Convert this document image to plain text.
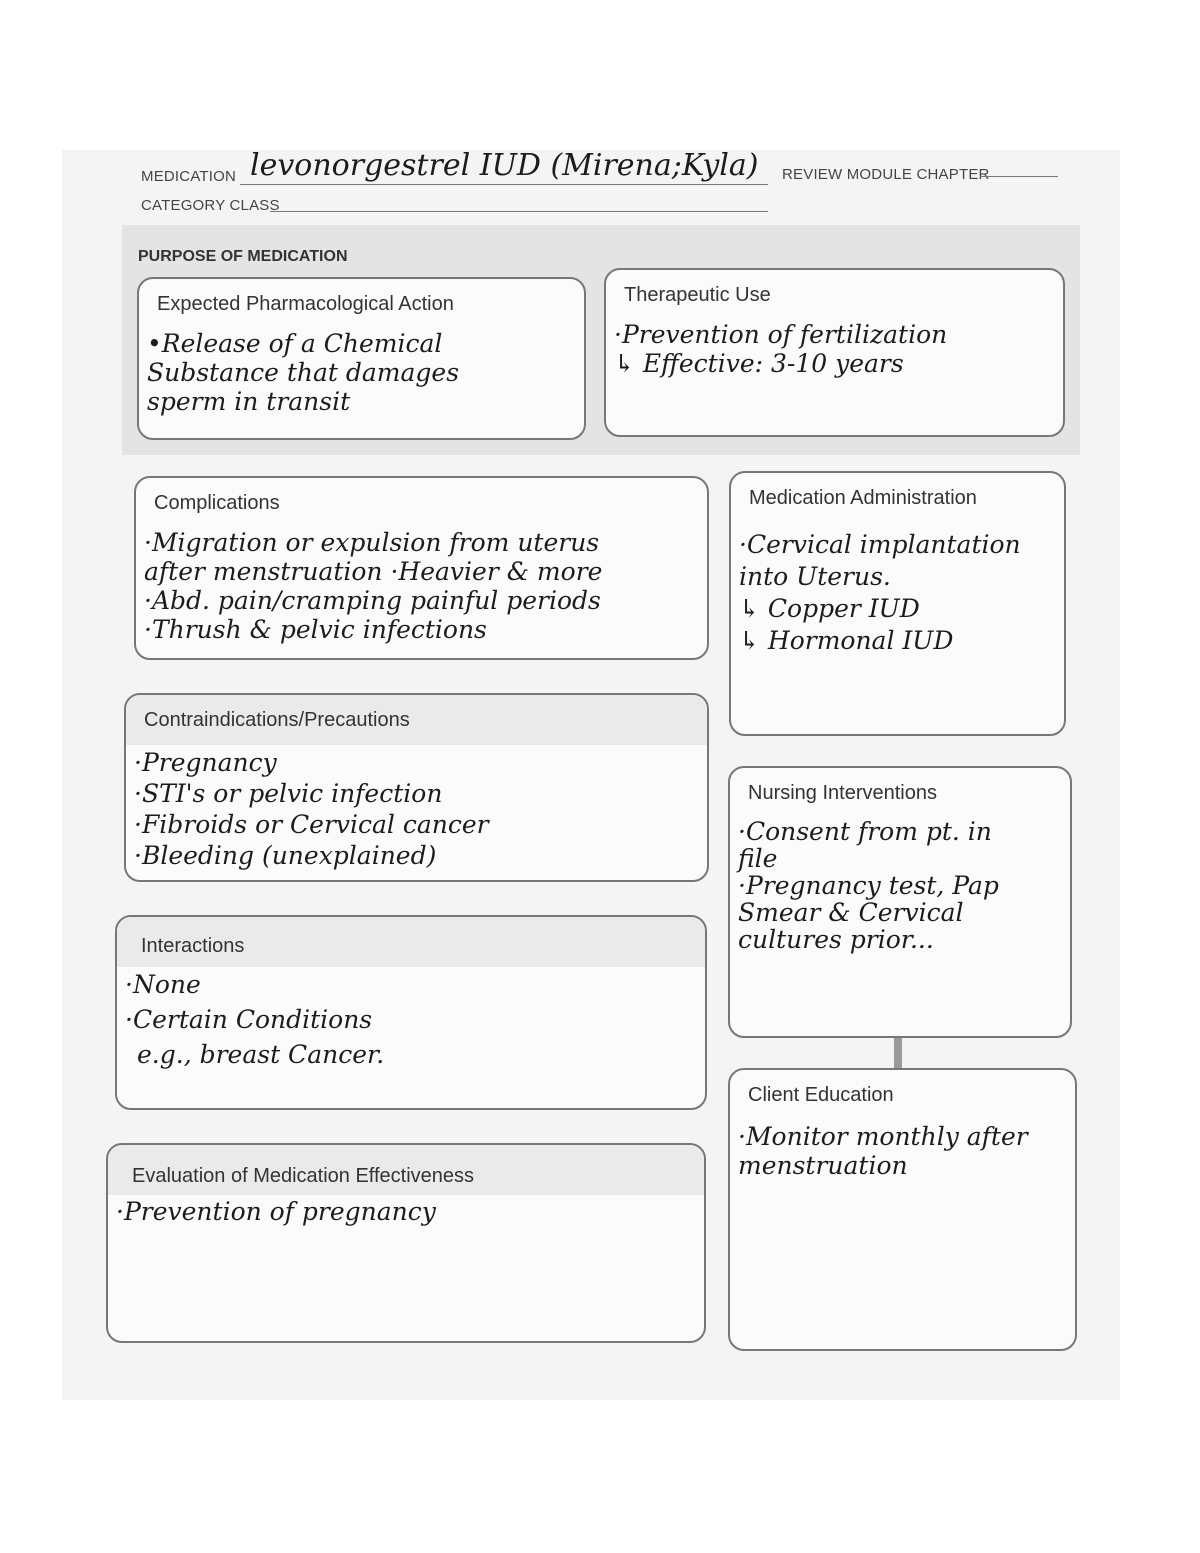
MEDICATION levonorgestrel IUD (Mirena;Kyla) REVIEW MODULE CHAPTER
CATEGORY CLASS
PURPOSE OF MEDICATION
Expected Pharmacological Action
•Release of a Chemical
Substance that damages
sperm in transit
Therapeutic Use
·Prevention of fertilization
↳ Effective: 3-10 years
Complications
·Migration or expulsion from uterus
after menstruation ·Heavier & more
·Abd. pain/cramping painful periods
·Thrush & pelvic infections
Medication Administration
·Cervical implantation
into Uterus.
↳ Copper IUD
↳ Hormonal IUD
Contraindications/Precautions
·Pregnancy
·STI's or pelvic infection
·Fibroids or Cervical cancer
·Bleeding (unexplained)
Nursing Interventions
·Consent from pt. in
file
·Pregnancy test, Pap
Smear & Cervical
cultures prior...
Interactions
·None
·Certain Conditions
e.g., breast Cancer.
Client Education
·Monitor monthly after
menstruation
Evaluation of Medication Effectiveness
·Prevention of pregnancy
